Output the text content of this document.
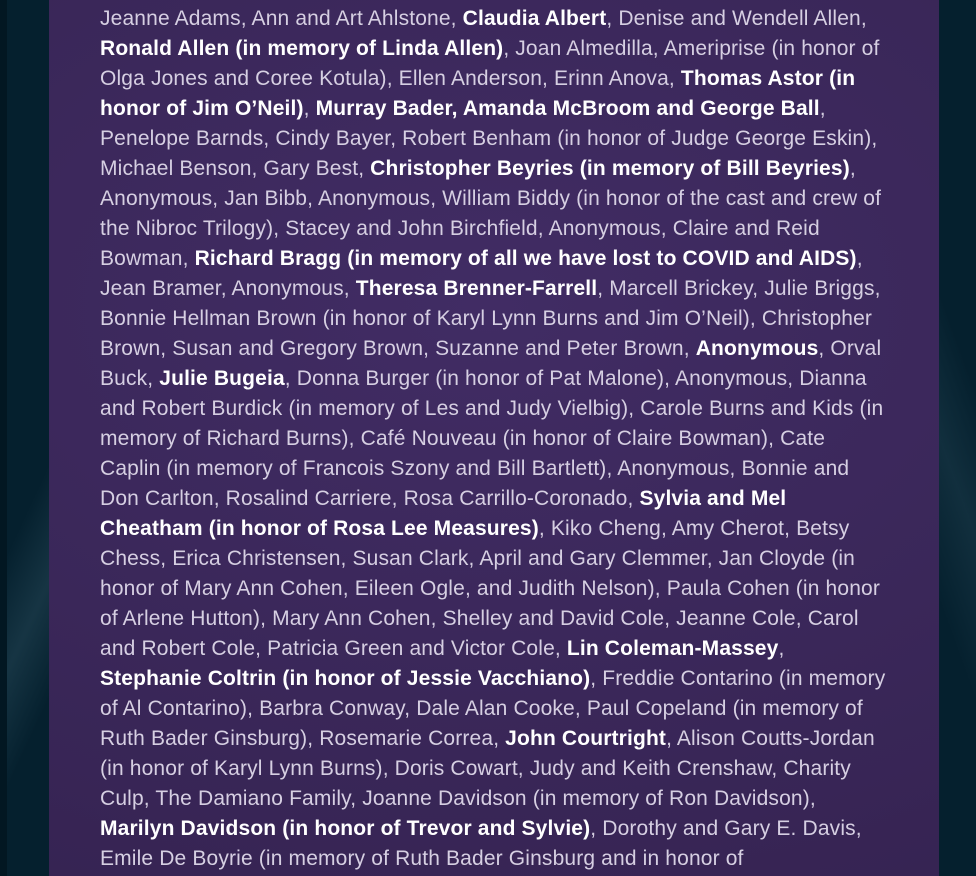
Jeanne Adams, Ann and Art Ahlstone, Claudia Albert, Denise and Wendell Allen, Ronald Allen (in memory of Linda Allen), Joan Almedilla, Ameriprise (in honor of Olga Jones and Coree Kotula), Ellen Anderson, Erinn Anova, Thomas Astor (in honor of Jim O’Neil), Murray Bader, Amanda McBroom and George Ball, Penelope Barnds, Cindy Bayer, Robert Benham (in honor of Judge George Eskin), Michael Benson, Gary Best, Christopher Beyries (in memory of Bill Beyries), Anonymous, Jan Bibb, Anonymous, William Biddy (in honor of the cast and crew of the Nibroc Trilogy), Stacey and John Birchfield, Anonymous, Claire and Reid Bowman, Richard Bragg (in memory of all we have lost to COVID and AIDS), Jean Bramer, Anonymous, Theresa Brenner-Farrell, Marcell Brickey, Julie Briggs, Bonnie Hellman Brown (in honor of Karyl Lynn Burns and Jim O’Neil), Christopher Brown, Susan and Gregory Brown, Suzanne and Peter Brown, Anonymous, Orval Buck, Julie Bugeia, Donna Burger (in honor of Pat Malone), Anonymous, Dianna and Robert Burdick (in memory of Les and Judy Vielbig), Carole Burns and Kids (in memory of Richard Burns), Café Nouveau (in honor of Claire Bowman), Cate Caplin (in memory of Francois Szony and Bill Bartlett), Anonymous, Bonnie and Don Carlton, Rosalind Carriere, Rosa Carrillo-Coronado, Sylvia and Mel Cheatham (in honor of Rosa Lee Measures), Kiko Cheng, Amy Cherot, Betsy Chess, Erica Christensen, Susan Clark, April and Gary Clemmer, Jan Cloyde (in honor of Mary Ann Cohen, Eileen Ogle, and Judith Nelson), Paula Cohen (in honor of Arlene Hutton), Mary Ann Cohen, Shelley and David Cole, Jeanne Cole, Carol and Robert Cole, Patricia Green and Victor Cole, Lin Coleman-Massey, Stephanie Coltrin (in honor of Jessie Vacchiano), Freddie Contarino (in memory of Al Contarino), Barbra Conway, Dale Alan Cooke, Paul Copeland (in memory of Ruth Bader Ginsburg), Rosemarie Correa, John Courtright, Alison Coutts-Jordan (in honor of Karyl Lynn Burns), Doris Cowart, Judy and Keith Crenshaw, Charity Culp, The Damiano Family, Joanne Davidson (in memory of Ron Davidson), Marilyn Davidson (in honor of Trevor and Sylvie), Dorothy and Gary E. Davis, Emile De Boyrie (in memory of Ruth Bader Ginsburg and in honor of
